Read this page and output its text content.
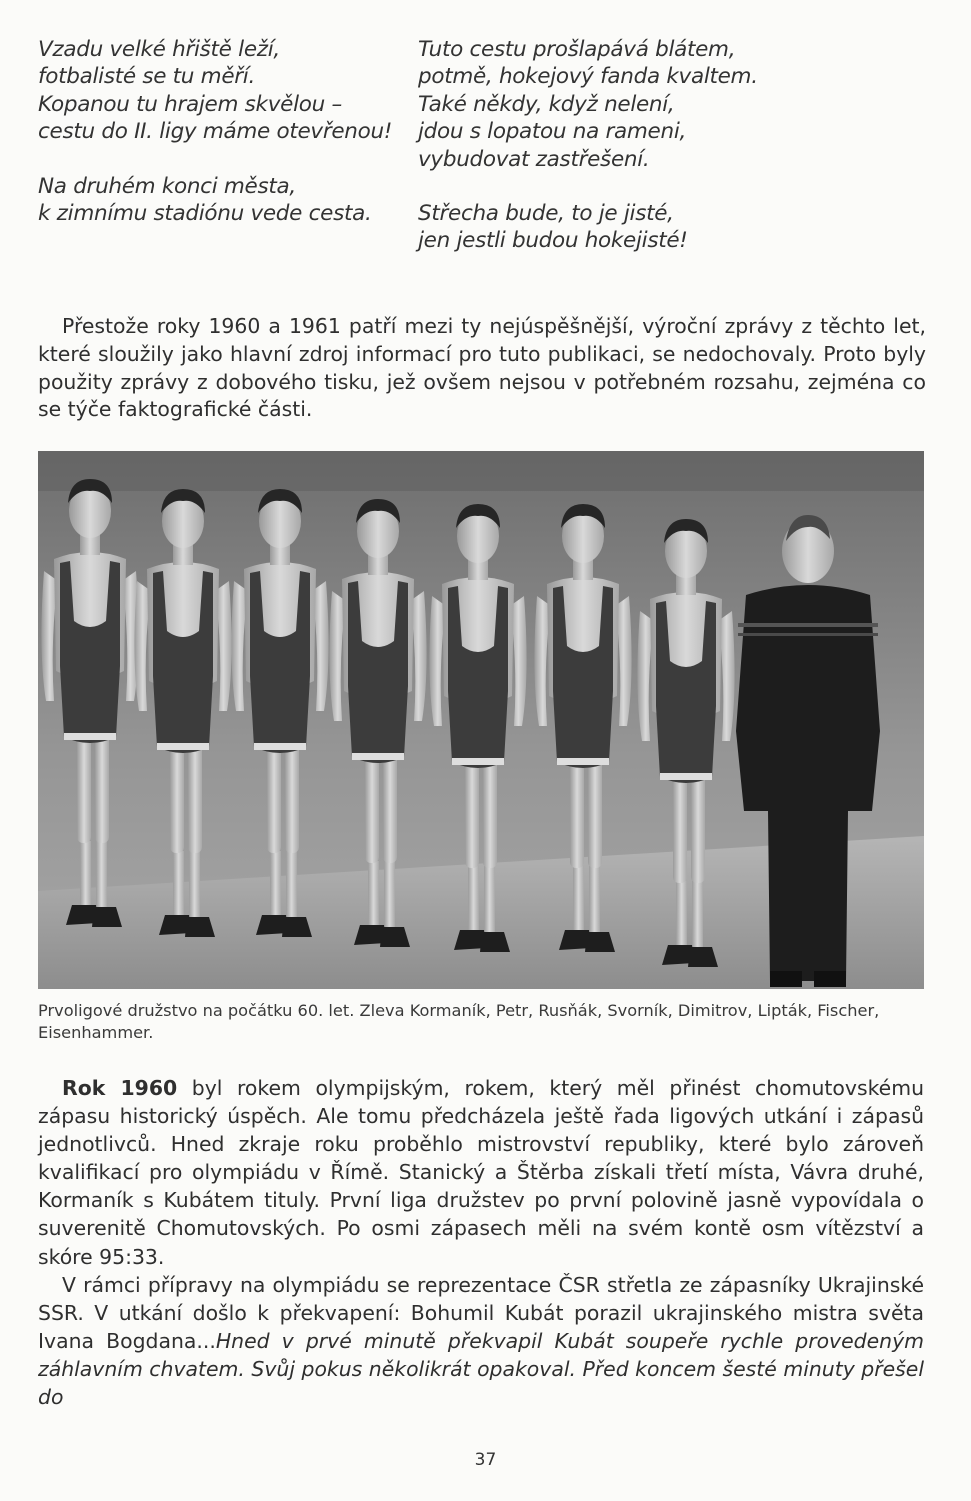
Vzadu velké hřiště leží,
fotbalisté se tu měří.
Kopanou tu hrajem skvělou –
cestu do II. ligy máme otevřenou!
Na druhém konci města,
k zimnímu stadiónu vede cesta.
Tuto cestu prošlapává blátem,
potmě, hokejový fanda kvaltem.
Také někdy, když nelení,
jdou s lopatou na rameni,
vybudovat zastřešení.
Střecha bude, to je jisté,
jen jestli budou hokejisté!

Přestože roky 1960 a 1961 patří mezi ty nejúspěšnější, výroční zprávy z těchto let, které sloužily jako hlavní zdroj informací pro tuto publikaci, se nedochovaly. Proto byly použity zprávy z dobového tisku, jež ovšem nejsou v potřebném rozsahu, zejména co se týče faktografické části.

Prvoligové družstvo na počátku 60. let. Zleva Kormaník, Petr, Rusňák, Svorník, Dimitrov, Lipták, Fischer, Eisenhammer.

Rok 1960 byl rokem olympijským, rokem, který měl přinést chomutovskému zápasu historický úspěch. Ale tomu předcházela ještě řada ligových utkání i zápasů jednotlivců. Hned zkraje roku proběhlo mistrovství republiky, které bylo zároveň kvalifikací pro olympiádu v Římě. Stanický a Štěrba získali třetí místa, Vávra druhé, Kormaník s Kubátem tituly. První liga družstev po první polovině jasně vypovídala o suverenitě Chomutovských. Po osmi zápasech měli na svém kontě osm vítězství a skóre 95:33.

V rámci přípravy na olympiádu se reprezentace ČSR střetla ze zápasníky Ukrajinské SSR. V utkání došlo k překvapení: Bohumil Kubát porazil ukrajinského mistra světa Ivana Bogdana...Hned v prvé minutě překvapil Kubát soupeře rychle provedeným záhlavním chvatem. Svůj pokus několikrát opakoval. Před koncem šesté minuty přešel do

37
